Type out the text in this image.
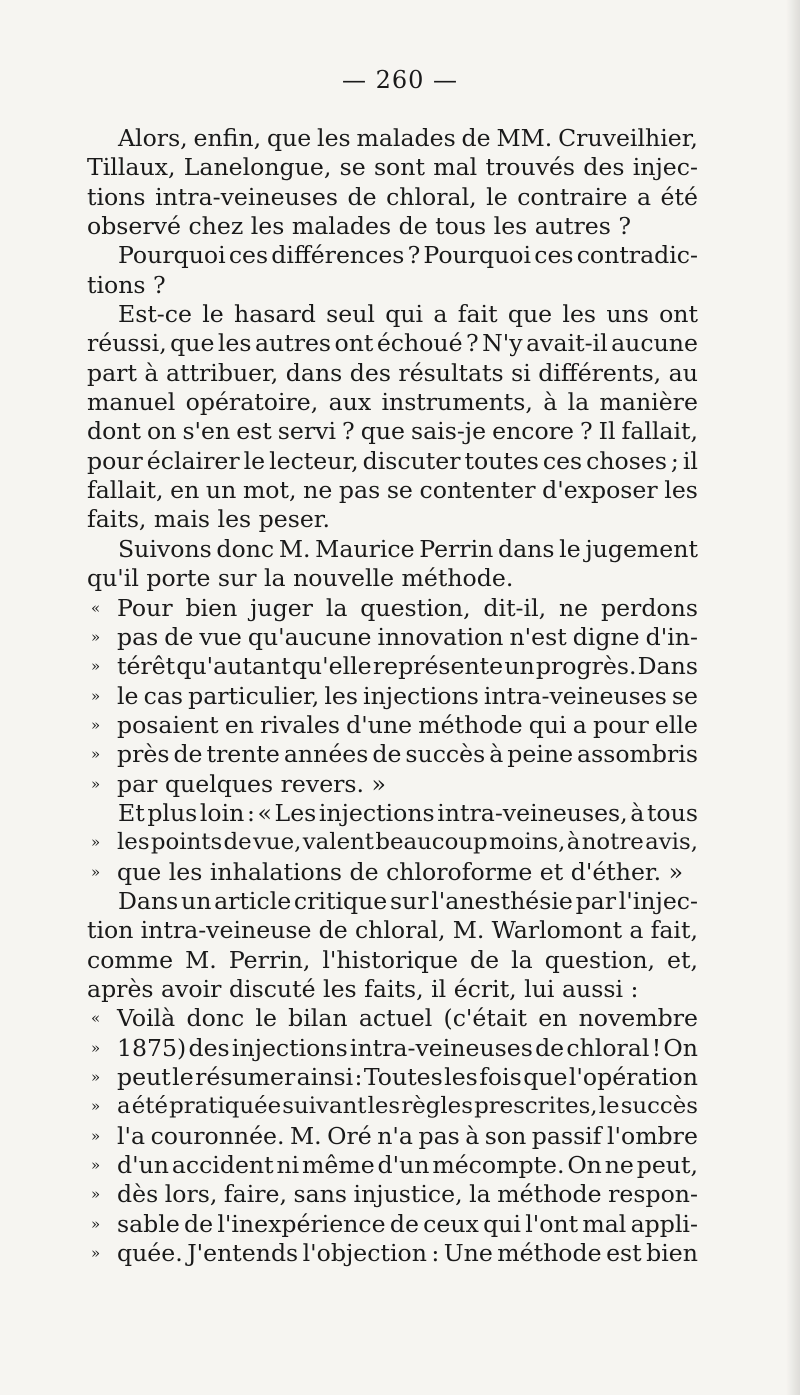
— 260 —
Alors, enfin, que les malades de MM. Cruveilhier,
Tillaux, Lanelongue, se sont mal trouvés des injec-
tions intra-veineuses de chloral, le contraire a été
observé chez les malades de tous les autres ?
Pourquoi ces différences ? Pourquoi ces contradic-
tions ?
Est-ce le hasard seul qui a fait que les uns ont
réussi, que les autres ont échoué ? N'y avait-il aucune
part à attribuer, dans des résultats si différents, au
manuel opératoire, aux instruments, à la manière
dont on s'en est servi ? que sais-je encore ? Il fallait,
pour éclairer le lecteur, discuter toutes ces choses ; il
fallait, en un mot, ne pas se contenter d'exposer les
faits, mais les peser.
Suivons donc M. Maurice Perrin dans le jugement
qu'il porte sur la nouvelle méthode.
« Pour bien juger la question, dit-il, ne perdons
» pas de vue qu'aucune innovation n'est digne d'in-
» térêt qu'autant qu'elle représente un progrès. Dans
» le cas particulier, les injections intra-veineuses se
» posaient en rivales d'une méthode qui a pour elle
» près de trente années de succès à peine assombris
» par quelques revers. »
Et plus loin : « Les injections intra-veineuses, à tous
» les points de vue, valent beaucoup moins, à notre avis,
» que les inhalations de chloroforme et d'éther. »
Dans un article critique sur l'anesthésie par l'injec-
tion intra-veineuse de chloral, M. Warlomont a fait,
comme M. Perrin, l'historique de la question, et,
après avoir discuté les faits, il écrit, lui aussi :
« Voilà donc le bilan actuel (c'était en novembre
» 1875) des injections intra-veineuses de chloral ! On
» peut le résumer ainsi : Toutes les fois que l'opération
» a été pratiquée suivant les règles prescrites, le succès
» l'a couronnée. M. Oré n'a pas à son passif l'ombre
» d'un accident ni même d'un mécompte. On ne peut,
» dès lors, faire, sans injustice, la méthode respon-
» sable de l'inexpérience de ceux qui l'ont mal appli-
» quée. J'entends l'objection : Une méthode est bien
